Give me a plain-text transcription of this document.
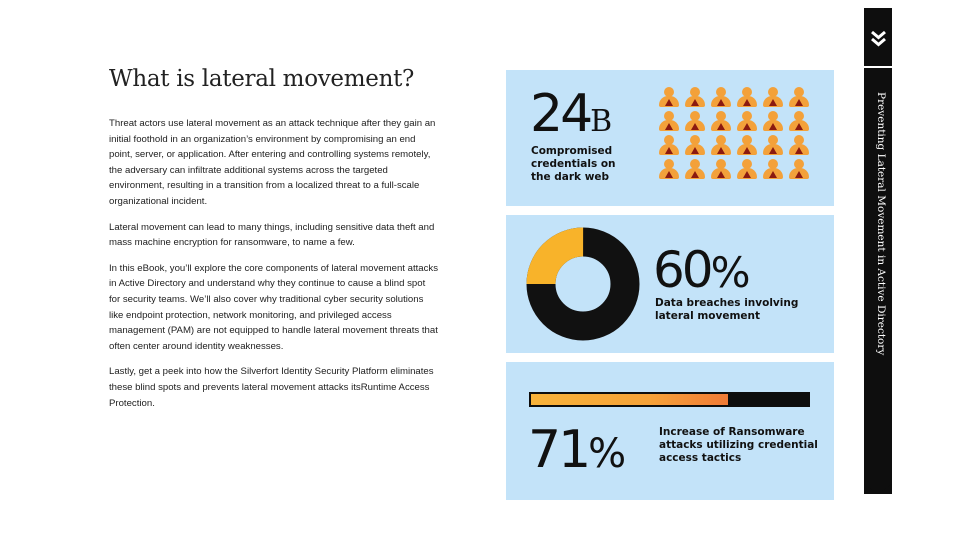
What is lateral movement?

Threat actors use lateral movement as an attack technique after they gain an initial foothold in an organization’s environment by compromising an end point, server, or application. After entering and controlling systems remotely, the adversary can infiltrate additional systems across the targeted environment, resulting in a transition from a localized threat to a full-scale organizational incident.

Lateral movement can lead to many things, including sensitive data theft and mass machine encryption for ransomware, to name a few.

In this eBook, you’ll explore the core components of lateral movement attacks in Active Directory and understand why they continue to cause a blind spot for security teams. We’ll also cover why traditional cyber security solutions like endpoint protection, network monitoring, and privileged access management (PAM) are not equipped to handle lateral movement threats that often center around identity weaknesses.

Lastly, get a peek into how the Silverfort Identity Security Platform eliminates these blind spots and prevents lateral movement attacks itsRuntime Access Protection.

24B
Compromised credentials on the dark web
60%
Data breaches involving lateral movement
71%	Increase of Ransomware attacks utilizing credential access tactics
Preventing Lateral Movement in Active Directory
